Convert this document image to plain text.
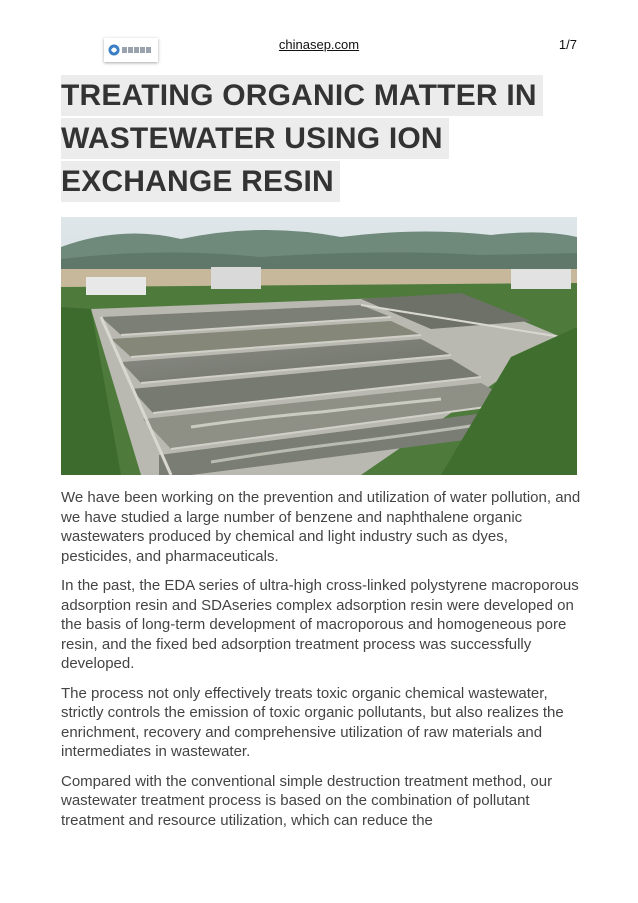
chinasep.com	1/7
TREATING ORGANIC MATTER IN
WASTEWATER USING ION
EXCHANGE RESIN

We have been working on the prevention and utilization of water pollution, and we have studied a large number of benzene and naphthalene organic wastewaters produced by chemical and light industry such as dyes, pesticides, and pharmaceuticals.

In the past, the EDA series of ultra-high cross-linked polystyrene macroporous adsorption resin and SDAseries complex adsorption resin were developed on the basis of long-term development of macroporous and homogeneous pore resin, and the fixed bed adsorption treatment process was successfully developed.

The process not only effectively treats toxic organic chemical wastewater, strictly controls the emission of toxic organic pollutants, but also realizes the enrichment, recovery and comprehensive utilization of raw materials and intermediates in wastewater.

Compared with the conventional simple destruction treatment method, our wastewater treatment process is based on the combination of pollutant treatment and resource utilization, which can reduce the
